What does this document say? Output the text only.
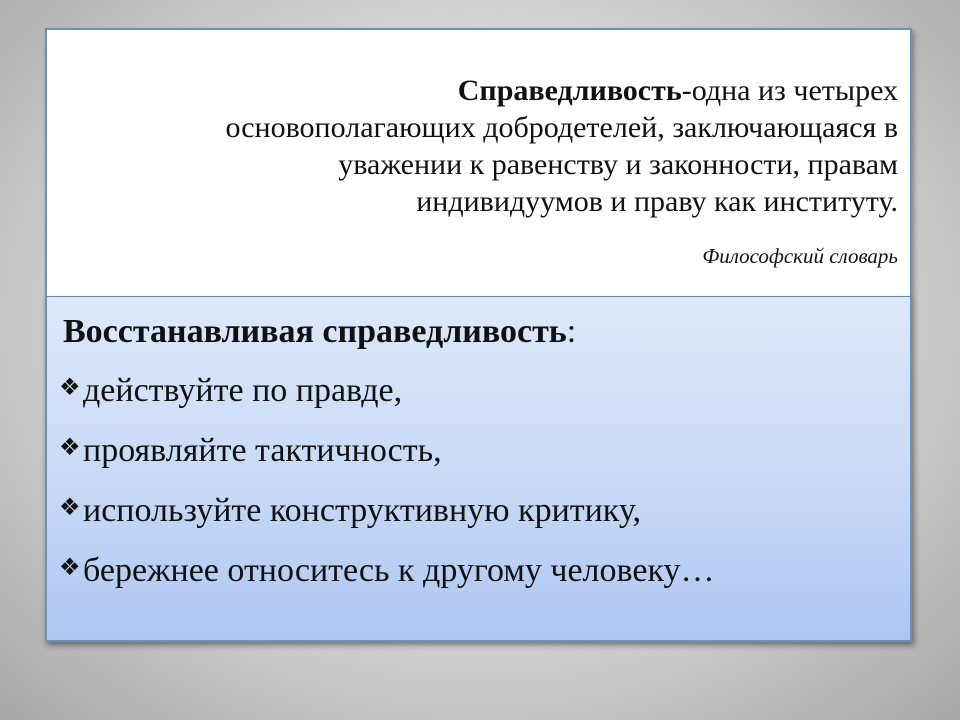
Справедливость-одна из четырех
основополагающих добродетелей, заключающаяся в
уважении к равенству и законности, правам
индивидуумов и праву как институту.

Философский словарь

Восстанавливая справедливость:

❖действуйте по правде,
❖проявляйте тактичность,
❖используйте конструктивную критику,
❖бережнее относитесь к другому человеку…
